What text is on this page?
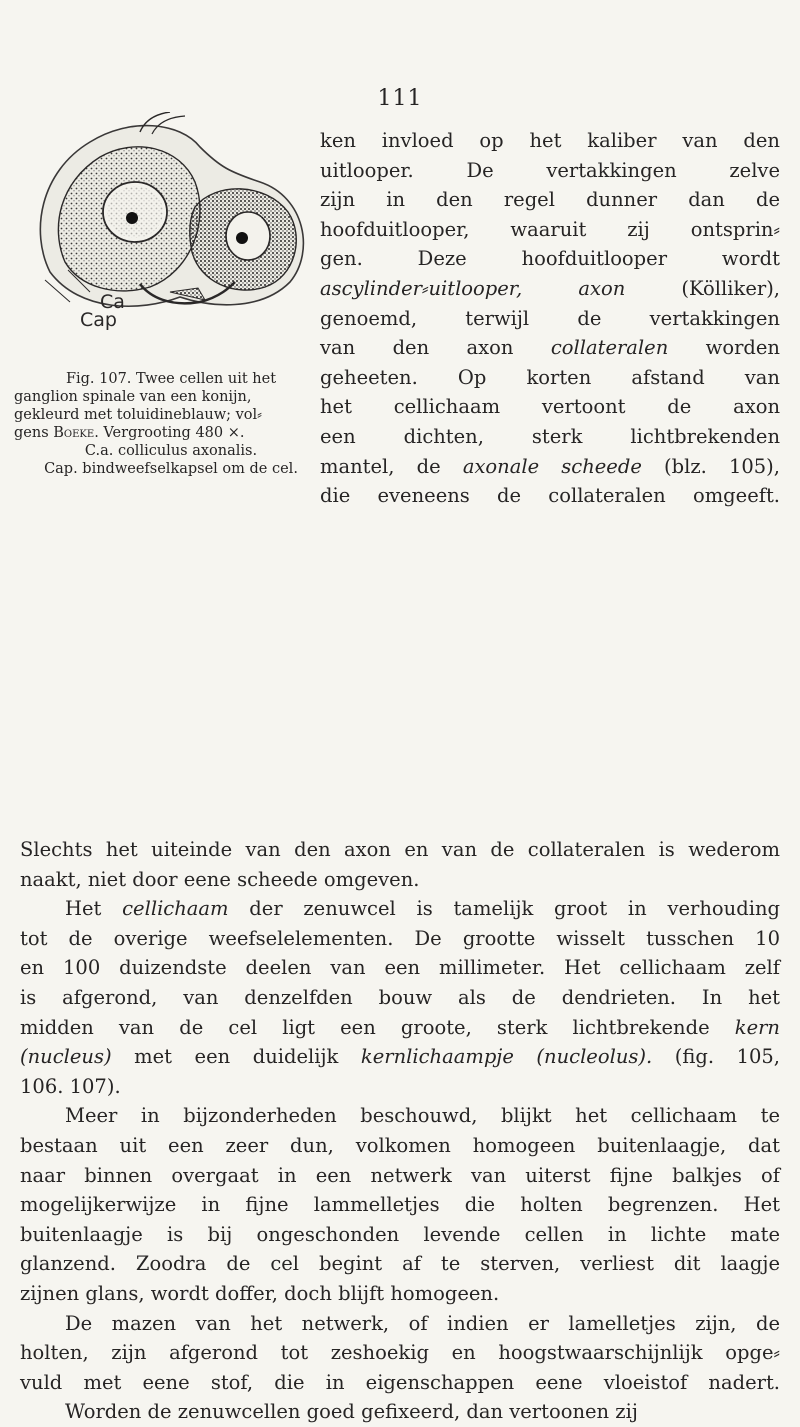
111
Ca
Cap
Fig. 107. Twee cellen uit het
ganglion spinale van een konijn,
gekleurd met toluidineblauw; vol⸗
gens Boeke. Vergrooting 480 ×.
C.a. colliculus axonalis.
Cap. bindweefselkapsel om de cel.
ken invloed op het kaliber van den
uitlooper. De vertakkingen zelve
zijn in den regel dunner dan de
hoofduitlooper, waaruit zij ontsprin⸗
gen. Deze hoofduitlooper wordt
ascylinder⸗uitlooper, axon (Kölliker),
genoemd, terwijl de vertakkingen
van den axon collateralen worden
geheeten. Op korten afstand van
het cellichaam vertoont de axon
een dichten, sterk lichtbrekenden
mantel, de axonale scheede (blz. 105),
die eveneens de collateralen omgeeft.
Slechts het uiteinde van den axon en van de collateralen is wederom
naakt, niet door eene scheede omgeven.
Het cellichaam der zenuwcel is tamelijk groot in verhouding
tot de overige weefselelementen. De grootte wisselt tusschen 10
en 100 duizendste deelen van een millimeter. Het cellichaam zelf
is afgerond, van denzelfden bouw als de dendrieten. In het
midden van de cel ligt een groote, sterk lichtbrekende kern
(nucleus) met een duidelijk kernlichaampje (nucleolus). (fig. 105,
106. 107).
Meer in bijzonderheden beschouwd, blijkt het cellichaam te
bestaan uit een zeer dun, volkomen homogeen buitenlaagje, dat
naar binnen overgaat in een netwerk van uiterst fijne balkjes of
mogelijkerwijze in fijne lammelletjes die holten begrenzen. Het
buitenlaagje is bij ongeschonden levende cellen in lichte mate
glanzend. Zoodra de cel begint af te sterven, verliest dit laagje
zijnen glans, wordt doffer, doch blijft homogeen.
De mazen van het netwerk, of indien er lamelletjes zijn, de
holten, zijn afgerond tot zeshoekig en hoogstwaarschijnlijk opge⸗
vuld met eene stof, die in eigenschappen eene vloeistof nadert.
Worden de zenuwcellen goed gefixeerd, dan vertoonen zij
